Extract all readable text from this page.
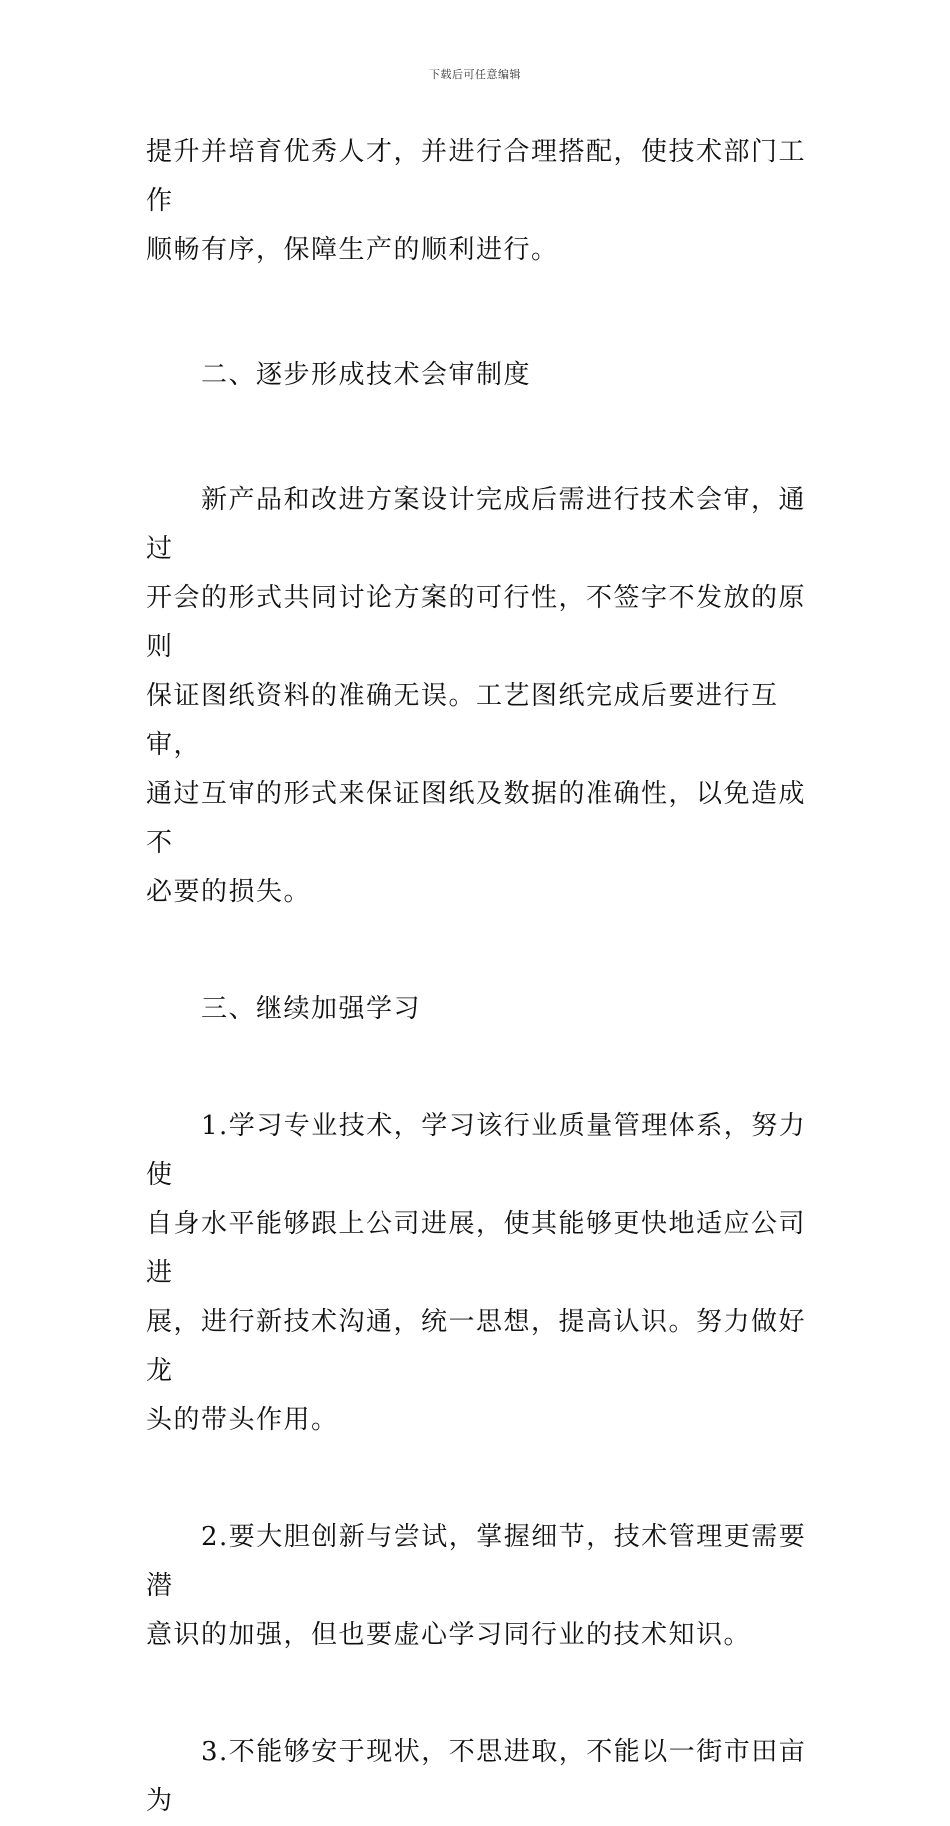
下载后可任意编辑

提升并培育优秀人才，并进行合理搭配，使技术部门工作

顺畅有序，保障生产的顺利进行。

　　二、逐步形成技术会审制度

　　新产品和改进方案设计完成后需进行技术会审，通过

开会的形式共同讨论方案的可行性，不签字不发放的原则

保证图纸资料的准确无误。工艺图纸完成后要进行互审，

通过互审的形式来保证图纸及数据的准确性，以免造成不

必要的损失。

　　三、继续加强学习

　　1.学习专业技术，学习该行业质量管理体系，努力使

自身水平能够跟上公司进展，使其能够更快地适应公司进

展，进行新技术沟通，统一思想，提高认识。努力做好龙

头的带头作用。

　　2.要大胆创新与尝试，掌握细节，技术管理更需要潜

意识的加强，但也要虚心学习同行业的技术知识。

　　3.不能够安于现状，不思进取，不能以一街市田亩为
